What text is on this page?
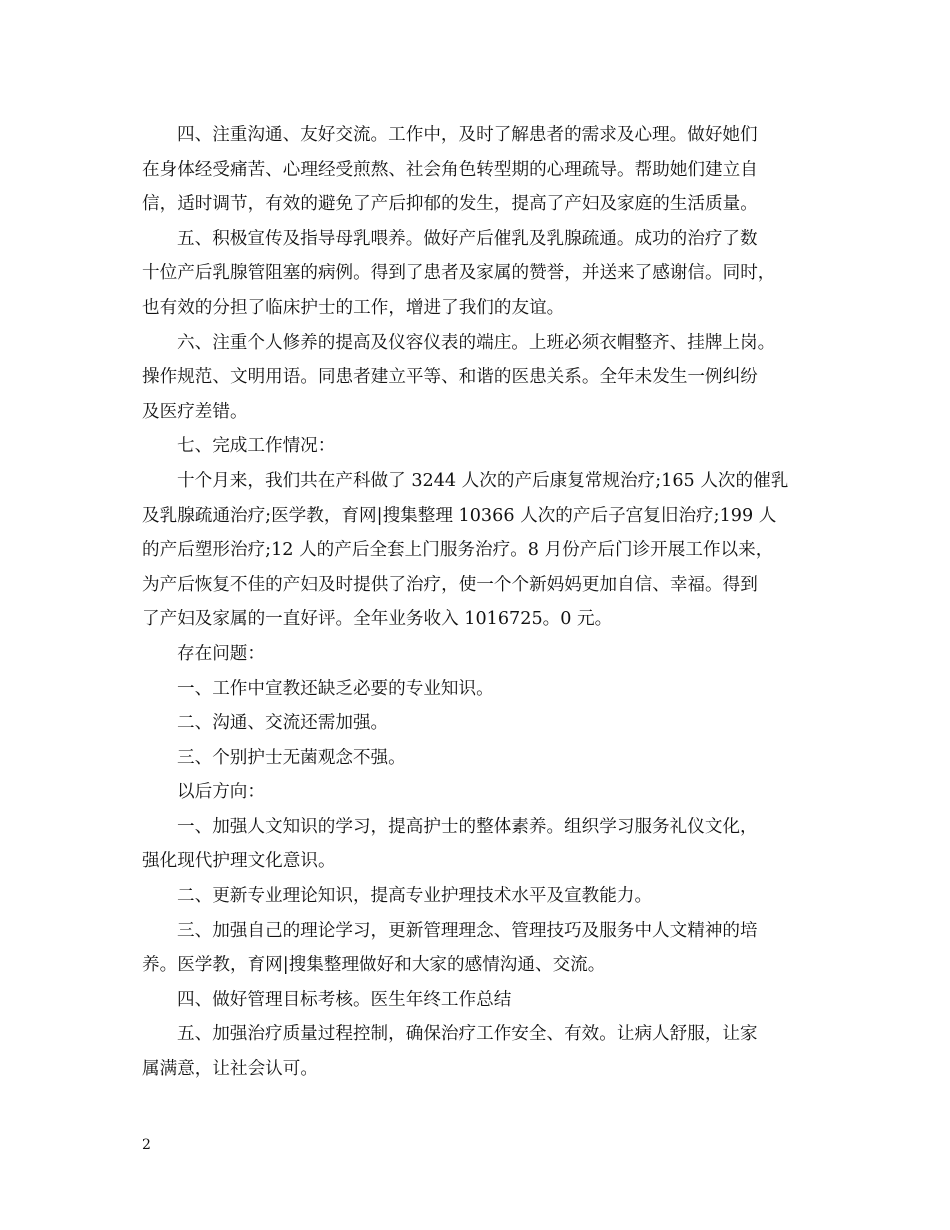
四、注重沟通、友好交流。工作中，及时了解患者的需求及心理。做好她们
在身体经受痛苦、心理经受煎熬、社会角色转型期的心理疏导。帮助她们建立自
信，适时调节，有效的避免了产后抑郁的发生，提高了产妇及家庭的生活质量。
五、积极宣传及指导母乳喂养。做好产后催乳及乳腺疏通。成功的治疗了数
十位产后乳腺管阻塞的病例。得到了患者及家属的赞誉，并送来了感谢信。同时，
也有效的分担了临床护士的工作，增进了我们的友谊。
六、注重个人修养的提高及仪容仪表的端庄。上班必须衣帽整齐、挂牌上岗。
操作规范、文明用语。同患者建立平等、和谐的医患关系。全年未发生一例纠纷
及医疗差错。
七、完成工作情况：
十个月来，我们共在产科做了 3244 人次的产后康复常规治疗;165 人次的催乳
及乳腺疏通治疗;医学教，育网|搜集整理 10366 人次的产后子宫复旧治疗;199 人
的产后塑形治疗;12 人的产后全套上门服务治疗。8 月份产后门诊开展工作以来，
为产后恢复不佳的产妇及时提供了治疗，使一个个新妈妈更加自信、幸福。得到
了产妇及家属的一直好评。全年业务收入 1016725。0 元。
存在问题：
一、工作中宣教还缺乏必要的专业知识。
二、沟通、交流还需加强。
三、个别护士无菌观念不强。
以后方向：
一、加强人文知识的学习，提高护士的整体素养。组织学习服务礼仪文化，
强化现代护理文化意识。
二、更新专业理论知识，提高专业护理技术水平及宣教能力。
三、加强自己的理论学习，更新管理理念、管理技巧及服务中人文精神的培
养。医学教，育网|搜集整理做好和大家的感情沟通、交流。
四、做好管理目标考核。医生年终工作总结
五、加强治疗质量过程控制，确保治疗工作安全、有效。让病人舒服，让家
属满意，让社会认可。
2
